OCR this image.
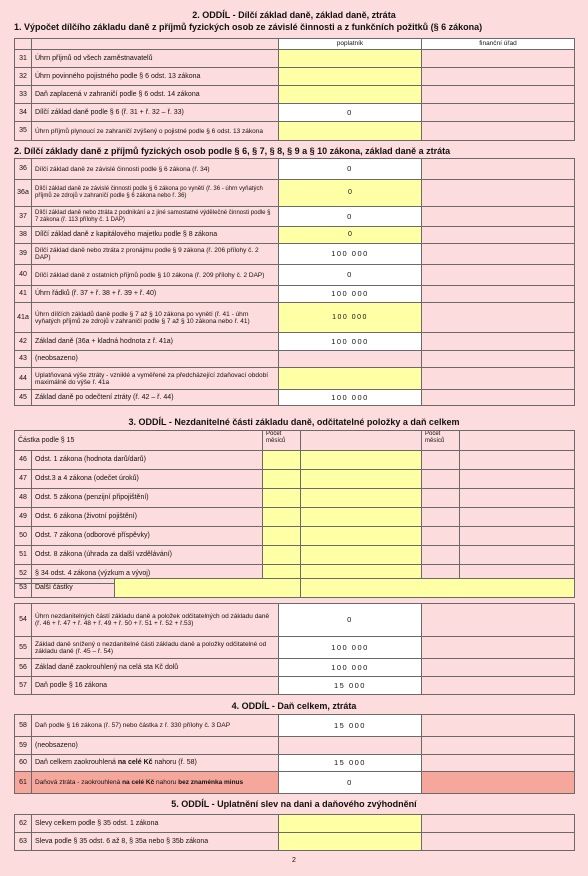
2. ODDÍL - Dílčí základ daně, základ daně, ztráta
1. Výpočet dílčího základu daně z příjmů fyzických osob ze závislé činnosti a z funkčních požitků (§ 6 zákona)
		poplatník	finanční úřad
31	Úhrn příjmů od všech zaměstnavatelů		
32	Úhrn povinného pojistného podle § 6 odst. 13 zákona		
33	Daň zaplacená v zahraničí podle § 6 odst. 14 zákona		
34	Dílčí základ daně podle § 6 (ř. 31 + ř. 32 – ř. 33)	0	
35	Úhrn příjmů plynoucí ze zahraničí zvýšený o pojistné podle § 6 odst. 13 zákona		
2. Dílčí základy daně z příjmů fyzických osob podle § 6, § 7, § 8, § 9 a § 10 zákona, základ daně a ztráta
36	Dílčí základ daně ze závislé činnosti podle § 6 zákona (ř. 34)	0	
36a	Dílčí základ daně ze závislé činnosti podle § 6 zákona po vynětí (ř. 36 - úhrn vyňatých příjmů ze zdrojů v zahraničí podle § 6 zákona nebo ř. 36)	0	
37	Dílčí základ daně nebo ztráta z podnikání a z jiné samostatné výdělečné činnosti podle § 7 zákona (ř. 113 přílohy č. 1 DAP)	0	
38	Dílčí základ daně z kapitálového majetku podle § 8 zákona	0	
39	Dílčí základ daně nebo ztráta z pronájmu podle § 9 zákona (ř. 206 přílohy č. 2 DAP)	100 000	
40	Dílčí základ daně z ostatních příjmů podle § 10 zákona (ř. 209 přílohy č. 2 DAP)	0	
41	Úhrn řádků (ř. 37 + ř. 38 + ř. 39 + ř. 40)	100 000	
41a	Úhrn dílčích základů daně podle § 7 až § 10 zákona po vynětí (ř. 41 - úhrn vyňatých příjmů ze zdrojů v zahraničí podle § 7 až § 10 zákona nebo ř. 41)	100 000	
42	Základ daně (36a + kladná hodnota z ř. 41a)	100 000	
43	(neobsazeno)		
44	Uplatňovaná výše ztráty - vzniklé a vyměřené za předcházející zdaňovací období maximálně do výše ř. 41a		
45	Základ daně po odečtení ztráty (ř. 42 – ř. 44)	100 000	
3. ODDÍL - Nezdanitelné části základu daně, odčitatelné položky a daň celkem
Částka podle § 15		Počet měsíců		Počet měsíců	
46	Odst. 1 zákona (hodnota darů/darů)				
47	Odst.3 a 4 zákona (odečet úroků)				
48	Odst. 5 zákona (penzijní připojištění)				
49	Odst. 6 zákona (životní pojištění)				
50	Odst. 7 zákona (odborové příspěvky)				
51	Odst. 8 zákona (úhrada za další vzdělávání)				
52	§ 34 odst. 4 zákona (výzkum a vývoj)				
53	Další částky		
54	Úhrn nezdanitelných částí základu daně a položek odčitatelných od základu daně (ř. 46 + ř. 47 + ř. 48 + ř. 49 + ř. 50 + ř. 51 + ř. 52 + ř.53)	0	
55	Základ daně snížený o nezdanitelné části základu daně a položky odčitatelné od základu daně (ř. 45 – ř. 54)	100 000	
56	Základ daně zaokrouhlený na celá sta Kč dolů	100 000	
57	Daň podle § 16 zákona	15 000	
4. ODDÍL - Daň celkem, ztráta
58	Daň podle § 16 zákona (ř. 57) nebo částka z ř. 330 přílohy č. 3 DAP	15 000	
59	(neobsazeno)		
60	Daň celkem zaokrouhlená na celé Kč nahoru (ř. 58)	15 000	
61	Daňová ztráta - zaokrouhlená na celé Kč nahoru bez znaménka minus	0	
5. ODDÍL - Uplatnění slev na dani a daňového zvýhodnění
62	Slevy celkem podle § 35 odst. 1 zákona		
63	Sleva podle § 35 odst. 6 až 8, § 35a nebo § 35b zákona		
2
